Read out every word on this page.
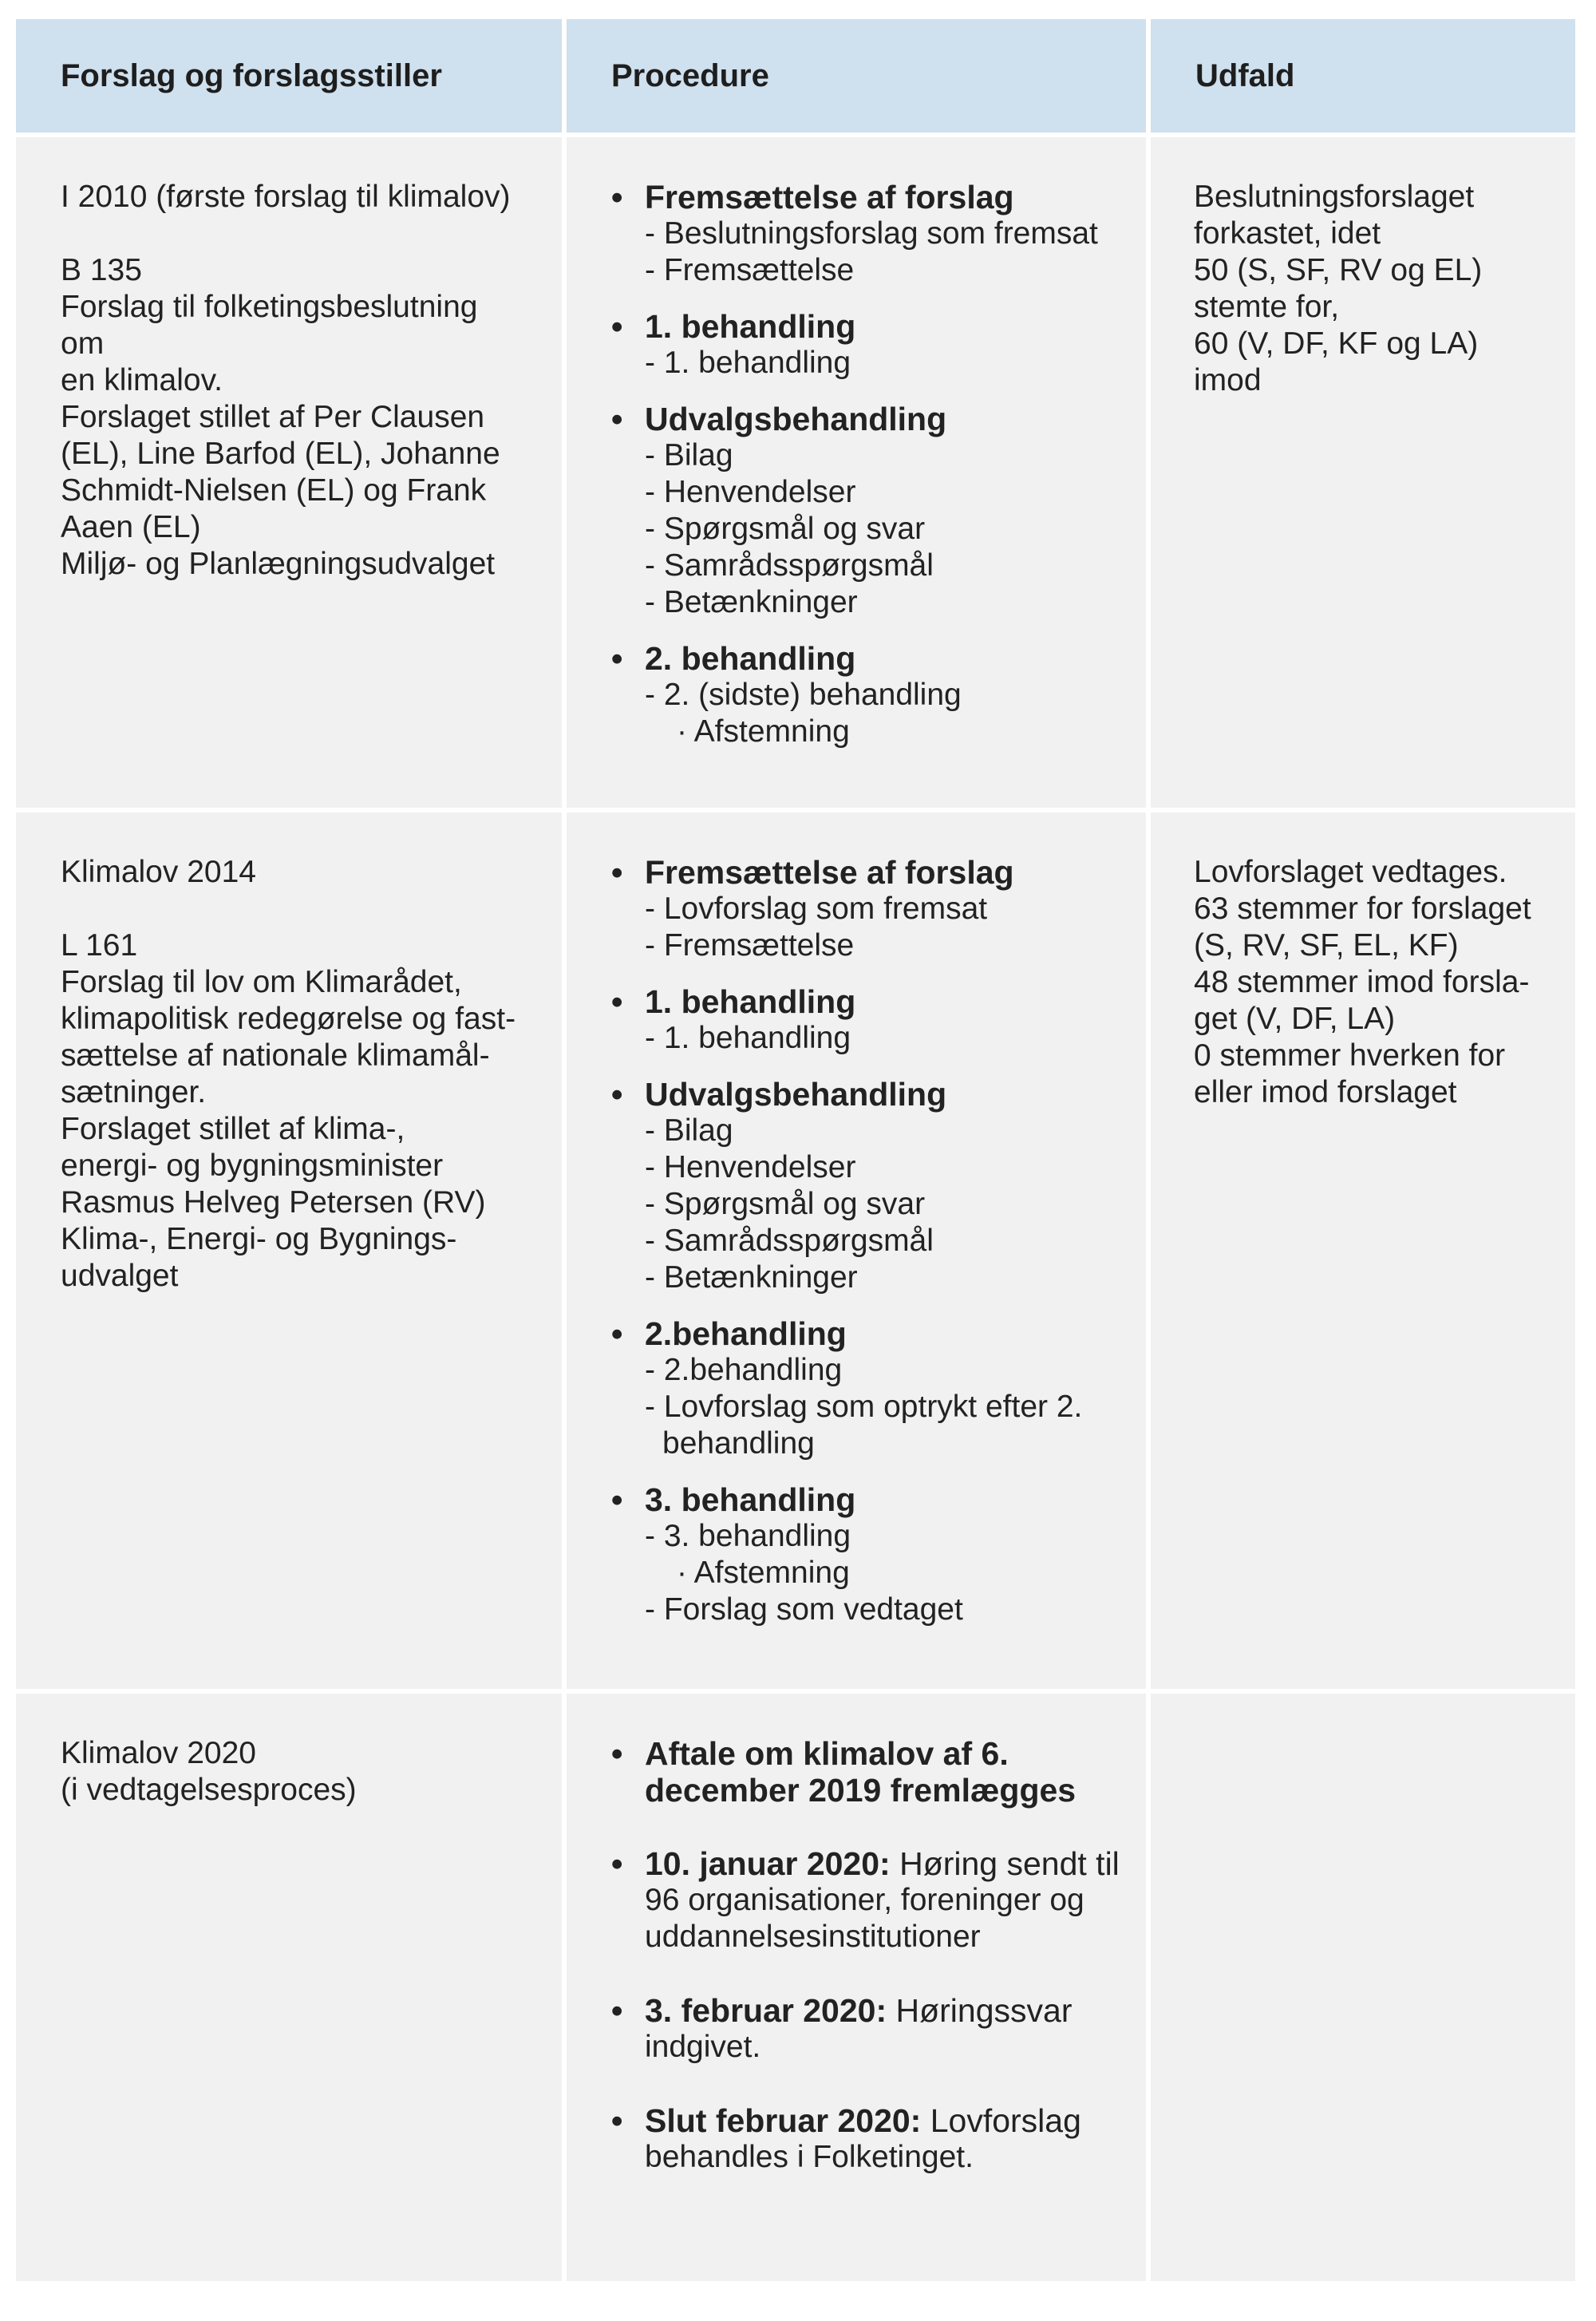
Forslag og forslagsstiller	Procedure	Udfald
I 2010 (første forslag til klimalov)
B 135
Forslag til folketingsbeslutning om
en klimalov.
Forslaget stillet af Per Clausen
(EL), Line Barfod (EL), Johanne
Schmidt-Nielsen (EL) og Frank
Aaen (EL)
Miljø- og Planlægningsudvalget
• Fremsættelse af forslag
- Beslutningsforslag som fremsat
- Fremsættelse
• 1. behandling
- 1. behandling
• Udvalgsbehandling
- Bilag
- Henvendelser
- Spørgsmål og svar
- Samrådsspørgsmål
- Betænkninger
• 2. behandling
- 2. (sidste) behandling
· Afstemning
Beslutningsforslaget
forkastet, idet
50 (S, SF, RV og EL)
stemte for,
60 (V, DF, KF og LA)
imod
Klimalov 2014
L 161
Forslag til lov om Klimarådet,
klimapolitisk redegørelse og fast-
sættelse af nationale klimamål-
sætninger.
Forslaget stillet af klima-,
energi- og bygningsminister
Rasmus Helveg Petersen (RV)
Klima-, Energi- og Bygnings-
udvalget
• Fremsættelse af forslag
- Lovforslag som fremsat
- Fremsættelse
• 1. behandling
- 1. behandling
• Udvalgsbehandling
- Bilag
- Henvendelser
- Spørgsmål og svar
- Samrådsspørgsmål
- Betænkninger
• 2.behandling
- 2.behandling
- Lovforslag som optrykt efter 2.
behandling
• 3. behandling
- 3. behandling
· Afstemning
- Forslag som vedtaget
Lovforslaget vedtages.
63 stemmer for forslaget
(S, RV, SF, EL, KF)
48 stemmer imod forsla-
get (V, DF, LA)
0 stemmer hverken for
eller imod forslaget
Klimalov 2020
(i vedtagelsesproces)
• Aftale om klimalov af 6.
december 2019 fremlægges
• 10. januar 2020: Høring sendt til
96 organisationer, foreninger og
uddannelsesinstitutioner
• 3. februar 2020: Høringssvar
indgivet.
• Slut februar 2020: Lovforslag
behandles i Folketinget.
